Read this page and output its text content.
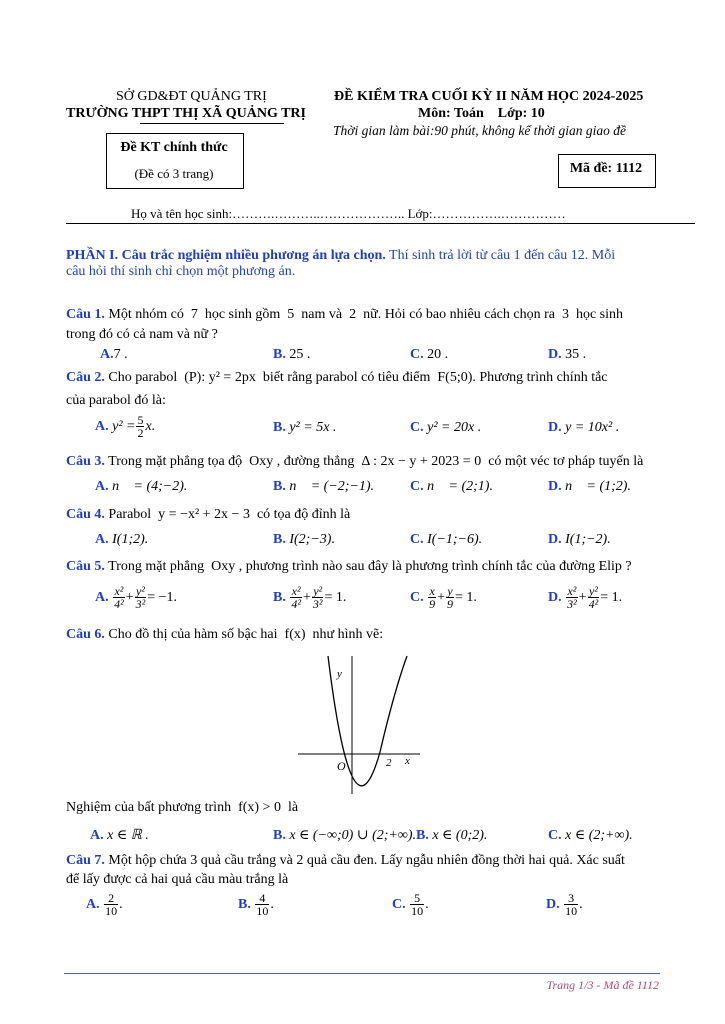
SỞ GD&ĐT QUẢNG TRỊ
TRƯỜNG THPT THỊ XÃ QUẢNG TRỊ
ĐỀ KIỂM TRA CUỐI KỲ II NĂM HỌC 2024-2025
Môn: Toán    Lớp: 10
Thời gian làm bài:90 phút, không kể thời gian giao đề
Đề KT chính thức
(Đề có 3 trang)	Mã đề: 1112
Họ và tên học sinh:……….………..……………….. Lớp:…………….……………
PHẦN I. Câu trắc nghiệm nhiều phương án lựa chọn. Thí sinh trả lời từ câu 1 đến câu 12. Mỗi
câu hỏi thí sinh chỉ chọn một phương án.
Câu 1. Một nhóm có  7  học sinh gồm  5  nam và  2  nữ. Hỏi có bao nhiêu cách chọn ra  3  học sinh
trong đó có cả nam và nữ ?
A.7 .	B. 25 .	C. 20 .	D. 35 .
Câu 2. Cho parabol  (P): y² = 2px  biết rằng parabol có tiêu điểm  F(5;0). Phương trình chính tắc
của parabol đó là:
A. $y^2 = \frac{5}{2} x$.	B. y² = 5x .	C. y² = 20x .	D. y = 10x² .
Câu 3. Trong mặt phẳng tọa độ  Oxy , đường thẳng  Δ : 2x − y + 2023 = 0  có một véc tơ pháp tuyến là
A. n⃗ = (4;−2).	B. n⃗ = (−2;−1).	C. n⃗ = (2;1).	D. n⃗ = (1;2).
Câu 4. Parabol  y = −x² + 2x − 3  có tọa độ đỉnh là
A. I(1;2).	B. I(2;−3).	C. I(−1;−6).	D. I(1;−2).
Câu 5. Trong mặt phẳng  Oxy , phương trình nào sau đây là phương trình chính tắc của đường Elip ?
A. $\frac{\text{x²}}{\text{4²}} + \frac{\text{y²}}{\text{3²}} = -1$.	B. $\frac{\text{x²}}{\text{4²}} + \frac{\text{y²}}{\text{3²}} = 1$.	C. $\frac{x}{9} + \frac{y}{9} = 1$.	D. $\frac{\text{x²}}{\text{3²}} + \frac{\text{y²}}{\text{4²}} = 1$.
Câu 6. Cho đồ thị của hàm số bậc hai  f(x)  như hình vẽ:
y
x
O	2
Nghiệm của bất phương trình  f(x) > 0  là
A. x ∈ ℝ .	B. x ∈ (−∞;0) ∪ (2;+∞).B. x ∈ (0;2).	C. x ∈ (2;+∞).
Câu 7. Một hộp chứa 3 quả cầu trắng và 2 quả cầu đen. Lấy ngẫu nhiên đồng thời hai quả. Xác suất
để lấy được cả hai quả cầu màu trắng là
A. $\frac{2}{10}$ .	B. $\frac{4}{10}$ .	C. $\frac{5}{10}$ .	D. $\frac{3}{10}$ .
Trang 1/3 - Mã đề 1112
